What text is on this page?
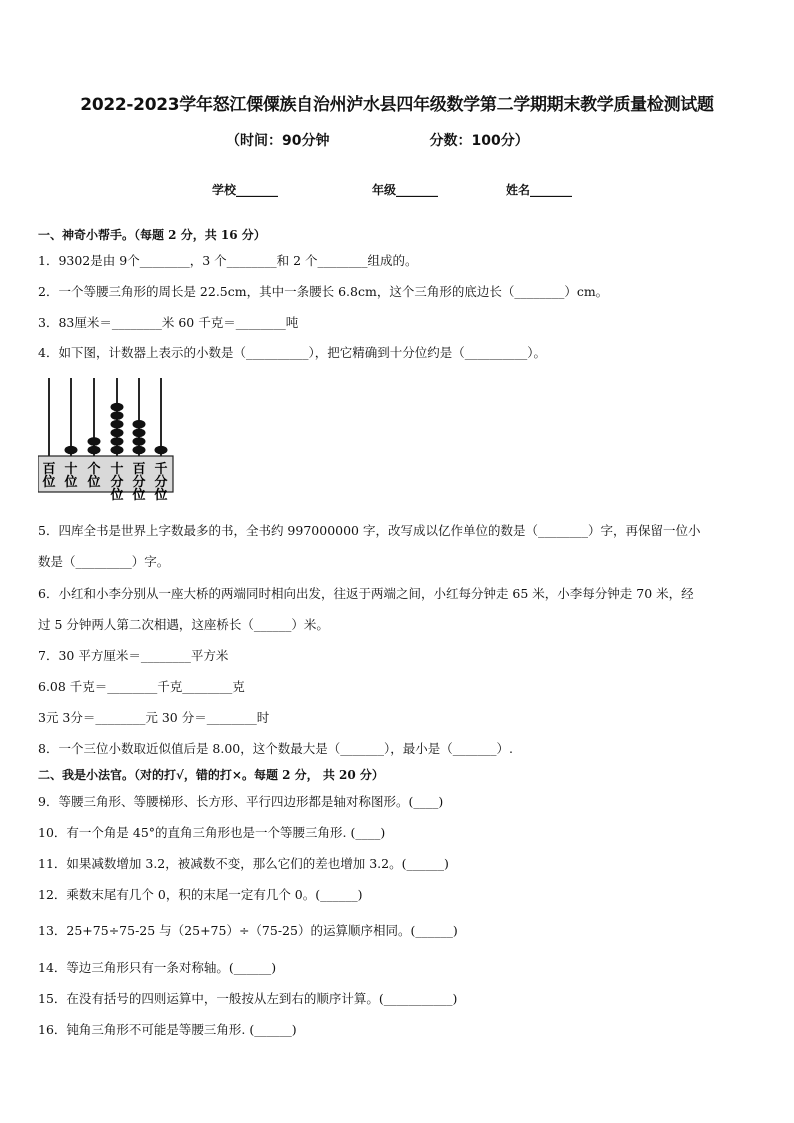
2022-2023学年怒江傈僳族自治州泸水县四年级数学第二学期期末教学质量检测试题
（时间：90分钟	分数：100分）
学校_______	年级_______	姓名_______
一、神奇小帮手。（每题 2 分，共 16 分）
1．9302是由 9个________，3 个________和 2 个________组成的。
2．一个等腰三角形的周长是 22.5cm，其中一条腰长 6.8cm，这个三角形的底边长（________）cm。
3．83厘米＝________米 60 千克＝________吨
4．如下图，计数器上表示的小数是（__________），把它精确到十分位约是（__________）。
百
位
十
位
个
位
十
分
位
百
分
位
千
分
位
5．四库全书是世界上字数最多的书，全书约 997000000 字，改写成以亿作单位的数是（________）字，再保留一位小
数是（_________）字。
6．小红和小李分别从一座大桥的两端同时相向出发，往返于两端之间，小红每分钟走 65 米，小李每分钟走 70 米，经
过 5 分钟两人第二次相遇，这座桥长（______）米。
7．30 平方厘米＝________平方米
6.08 千克＝________千克________克
3元 3分＝________元 30 分＝________时
8．一个三位小数取近似值后是 8.00，这个数最大是（_______），最小是（_______）.
二、我是小法官。（对的打√，错的打×。每题 2 分， 共 20 分）
9．等腰三角形、等腰梯形、长方形、平行四边形都是轴对称图形。(____)
10．有一个角是 45°的直角三角形也是一个等腰三角形. (____)
11．如果减数增加 3.2，被减数不变，那么它们的差也增加 3.2。(______)
12．乘数末尾有几个 0，积的末尾一定有几个 0。(______)
13．25+75÷75-25 与（25+75）÷（75-25）的运算顺序相同。(______)
14．等边三角形只有一条对称轴。(______)
15．在没有括号的四则运算中，一般按从左到右的顺序计算。(___________)
16．钝角三角形不可能是等腰三角形. (______)
